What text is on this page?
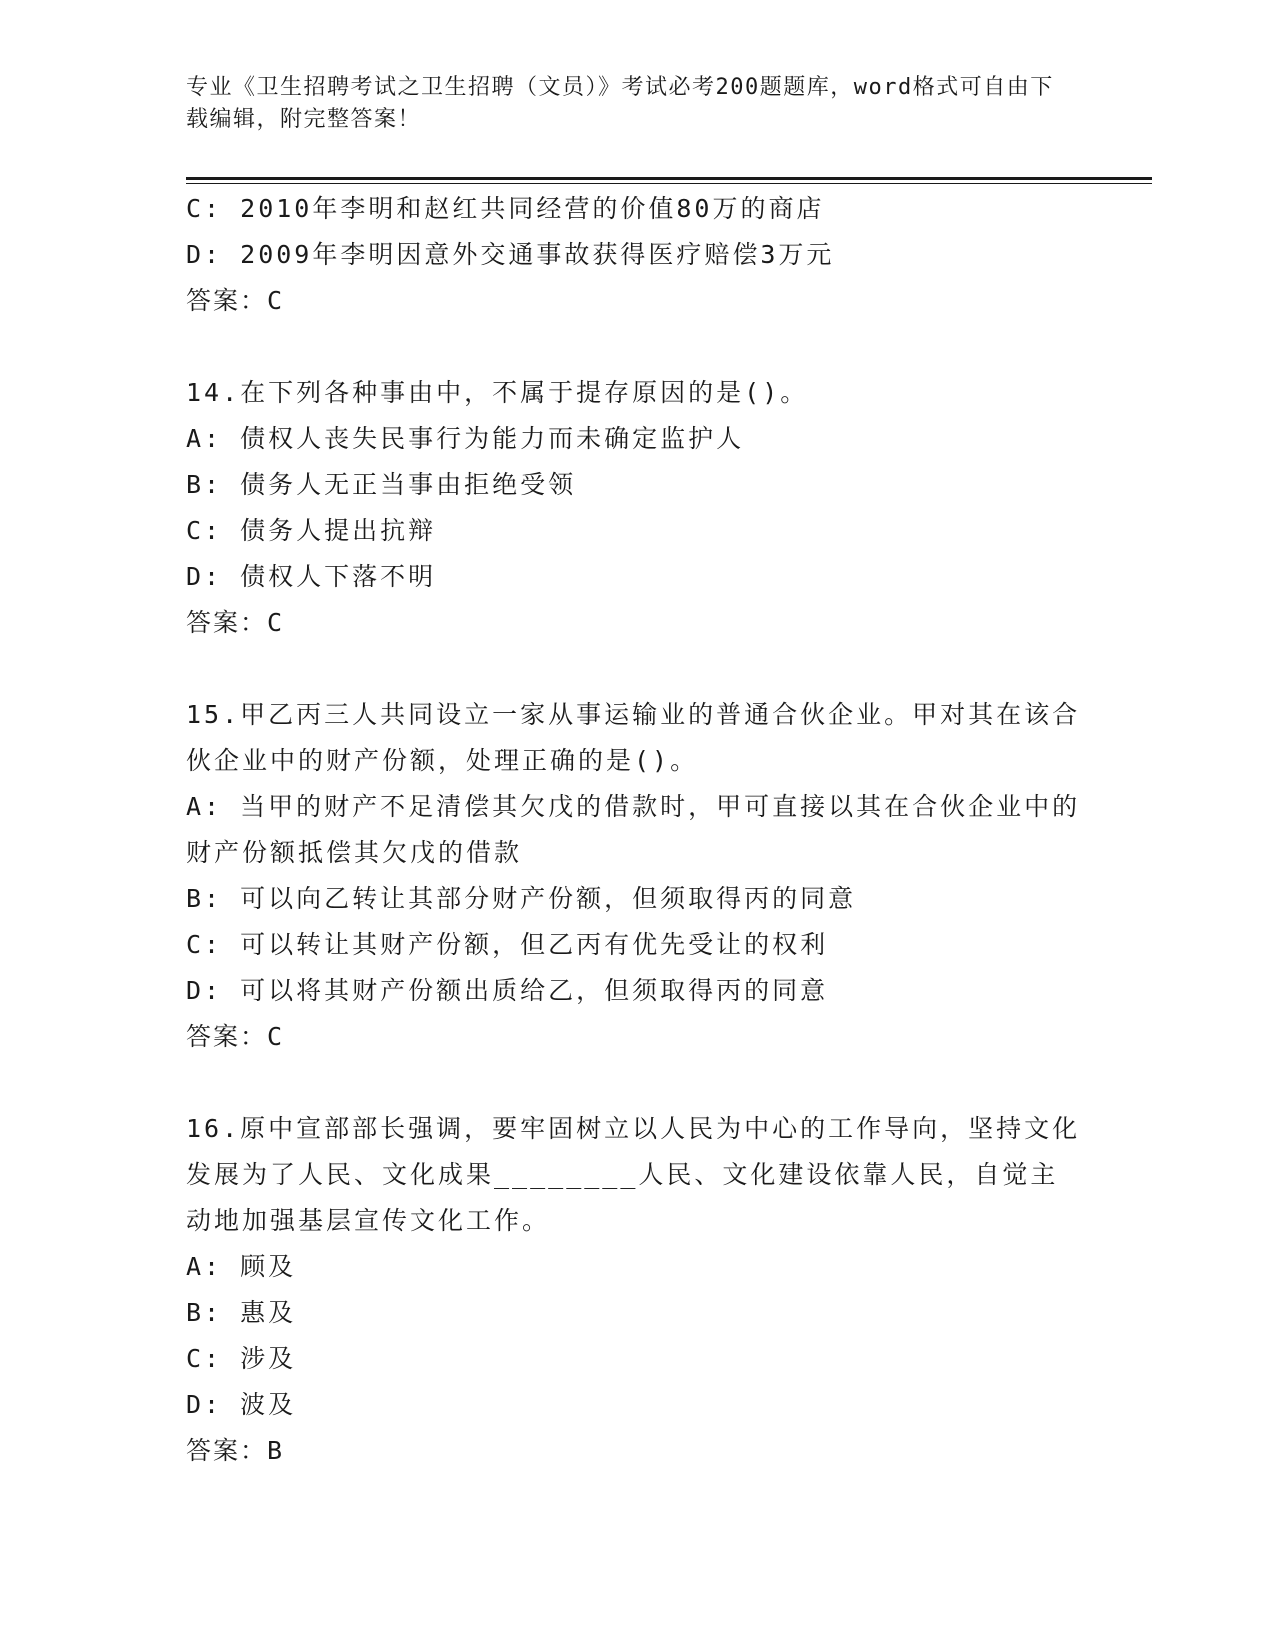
专业《卫生招聘考试之卫生招聘（文员）》考试必考200题题库，word格式可自由下载编辑，附完整答案！
C: 2010年李明和赵红共同经营的价值80万的商店
D: 2009年李明因意外交通事故获得医疗赔偿3万元
答案：C
14.在下列各种事由中，不属于提存原因的是()。
A: 债权人丧失民事行为能力而未确定监护人
B: 债务人无正当事由拒绝受领
C: 债务人提出抗辩
D: 债权人下落不明
答案：C
15.甲乙丙三人共同设立一家从事运输业的普通合伙企业。甲对其在该合伙企业中的财产份额，处理正确的是()。
A: 当甲的财产不足清偿其欠戊的借款时，甲可直接以其在合伙企业中的财产份额抵偿其欠戊的借款
B: 可以向乙转让其部分财产份额，但须取得丙的同意
C: 可以转让其财产份额，但乙丙有优先受让的权利
D: 可以将其财产份额出质给乙，但须取得丙的同意
答案：C
16.原中宣部部长强调，要牢固树立以人民为中心的工作导向，坚持文化发展为了人民、文化成果________人民、文化建设依靠人民，自觉主动地加强基层宣传文化工作。
A: 顾及
B: 惠及
C: 涉及
D: 波及
答案：B
